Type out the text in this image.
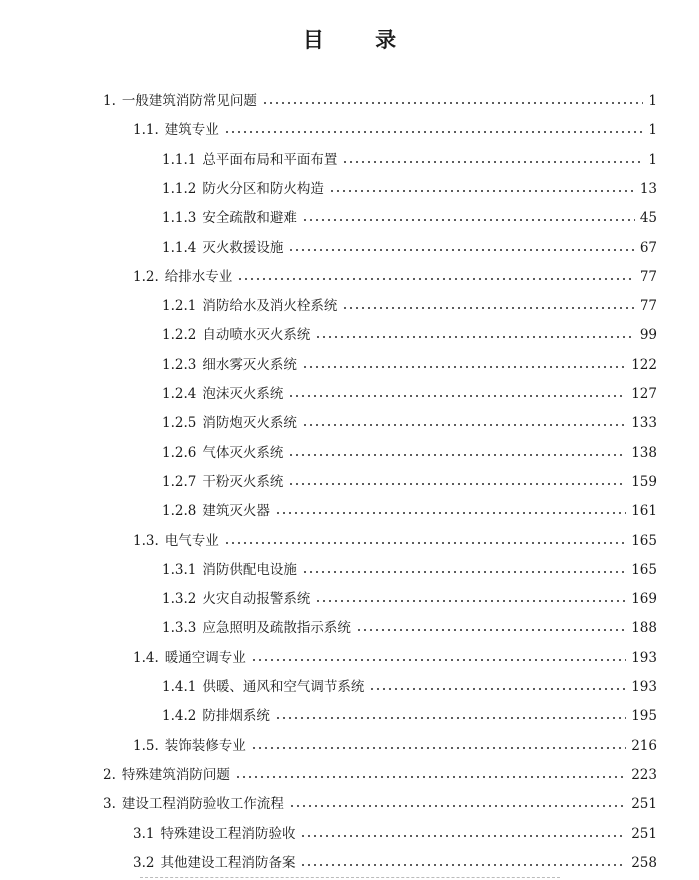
目 录
1. 一般建筑消防常见问题	1
1.1. 建筑专业	1
1.1.1 总平面布局和平面布置	1
1.1.2 防火分区和防火构造	13
1.1.3 安全疏散和避难	45
1.1.4 灭火救援设施	67
1.2. 给排水专业	77
1.2.1 消防给水及消火栓系统	77
1.2.2 自动喷水灭火系统	99
1.2.3 细水雾灭火系统	122
1.2.4 泡沫灭火系统	127
1.2.5 消防炮灭火系统	133
1.2.6 气体灭火系统	138
1.2.7 干粉灭火系统	159
1.2.8 建筑灭火器	161
1.3. 电气专业	165
1.3.1 消防供配电设施	165
1.3.2 火灾自动报警系统	169
1.3.3 应急照明及疏散指示系统	188
1.4. 暖通空调专业	193
1.4.1 供暖、通风和空气调节系统	193
1.4.2 防排烟系统	195
1.5. 装饰装修专业	216
2. 特殊建筑消防问题	223
3. 建设工程消防验收工作流程	251
3.1 特殊建设工程消防验收	251
3.2 其他建设工程消防备案	258
